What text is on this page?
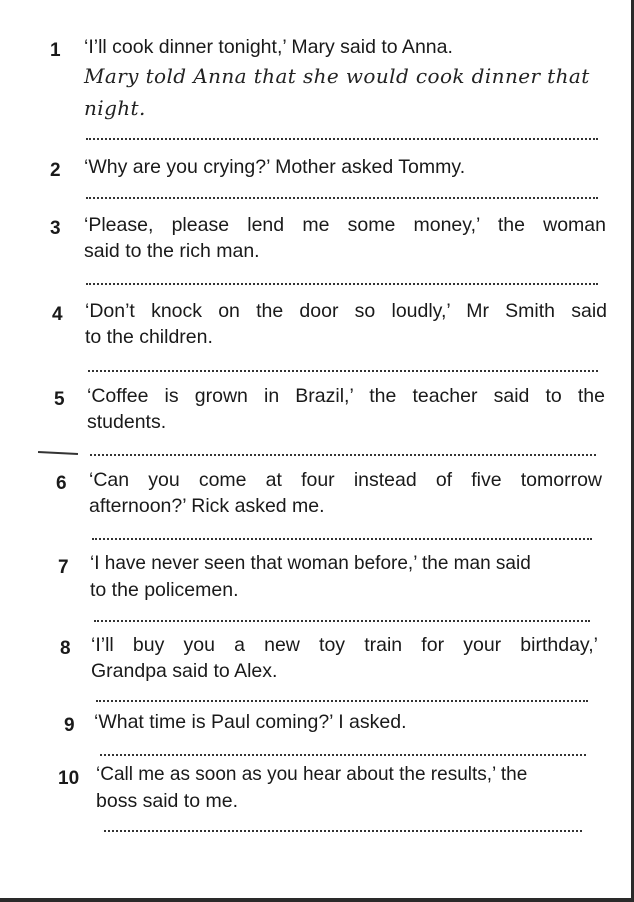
1 ‘I’ll cook dinner tonight,’ Mary said to Anna.
Mary told Anna that she would cook dinner that
night.
2 ‘Why are you crying?’ Mother asked Tommy.
3 ‘Please, please lend me some money,’ the woman
said to the rich man.
4 ‘Don’t knock on the door so loudly,’ Mr Smith said
to the children.
5 ‘Coffee is grown in Brazil,’ the teacher said to the
students.
6 ‘Can you come at four instead of five tomorrow
afternoon?’ Rick asked me.
7 ‘I have never seen that woman before,’ the man said
to the policemen.
8 ‘I’ll buy you a new toy train for your birthday,’
Grandpa said to Alex.
9 ‘What time is Paul coming?’ I asked.
10 ‘Call me as soon as you hear about the results,’ the
boss said to me.
